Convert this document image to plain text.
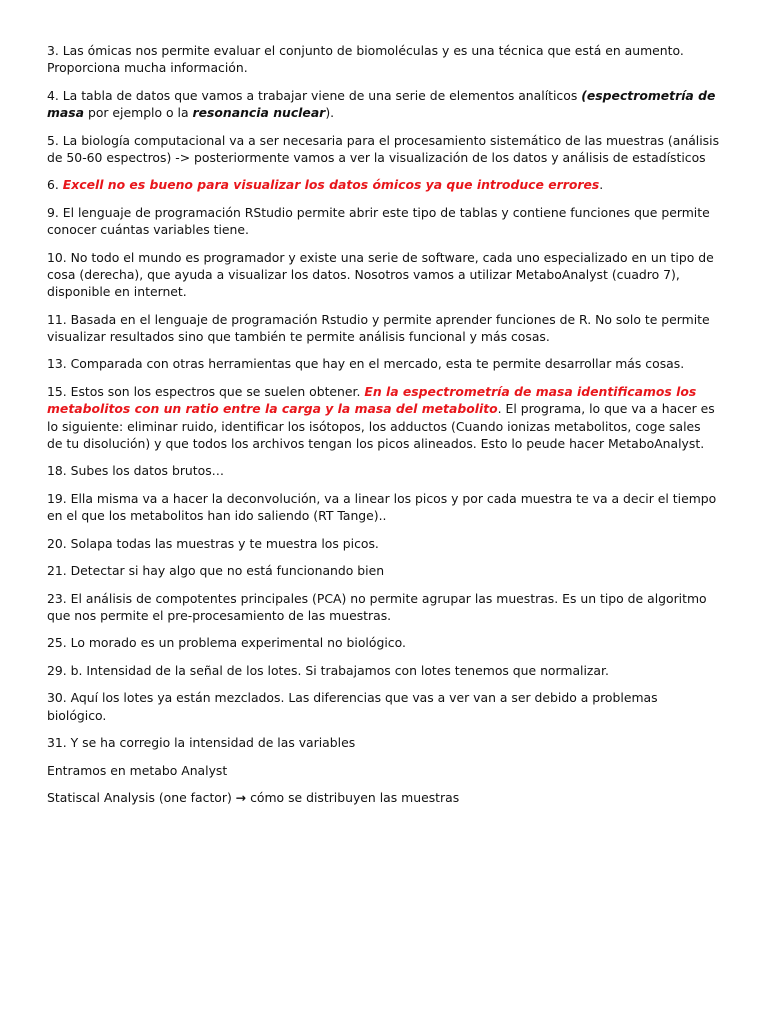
3. Las ómicas nos permite evaluar el conjunto de biomoléculas y es una técnica que está en aumento. Proporciona mucha información.

4. La tabla de datos que vamos a trabajar viene de una serie de elementos analíticos (espectrometría de masa por ejemplo o la resonancia nuclear).

5. La biología computacional va a ser necesaria para el procesamiento sistemático de las muestras (análisis de 50-60 espectros) -> posteriormente vamos a ver la visualización de los datos y análisis de estadísticos

6. Excell no es bueno para visualizar los datos ómicos ya que introduce errores.

9. El lenguaje de programación RStudio permite abrir este tipo de tablas y contiene funciones que permite conocer cuántas variables tiene.

10. No todo el mundo es programador y existe una serie de software, cada uno especializado en un tipo de cosa (derecha), que ayuda a visualizar los datos. Nosotros vamos a utilizar MetaboAnalyst (cuadro 7), disponible en internet.

11. Basada en el lenguaje de programación Rstudio y permite aprender funciones de R. No solo te permite visualizar resultados sino que también te permite análisis funcional y más cosas.

13. Comparada con otras herramientas que hay en el mercado, esta te permite desarrollar más cosas.

15. Estos son los espectros que se suelen obtener. En la espectrometría de masa identificamos los metabolitos con un ratio entre la carga y la masa del metabolito. El programa, lo que va a hacer es lo siguiente: eliminar ruido, identificar los isótopos, los adductos (Cuando ionizas metabolitos, coge sales de tu disolución) y que todos los archivos tengan los picos alineados. Esto lo peude hacer MetaboAnalyst.

18. Subes los datos brutos…

19. Ella misma va a hacer la deconvolución, va a linear los picos y por cada muestra te va a decir el tiempo en el que los metabolitos han ido saliendo (RT Tange)..

20. Solapa todas las muestras y te muestra los picos.

21. Detectar si hay algo que no está funcionando bien

23. El análisis de compotentes principales (PCA) no permite agrupar las muestras. Es un tipo de algoritmo que nos permite el pre-procesamiento de las muestras.

25. Lo morado es un problema experimental no biológico.

29. b. Intensidad de la señal de los lotes. Si trabajamos con lotes tenemos que normalizar.

30. Aquí los lotes ya están mezclados. Las diferencias que vas a ver van a ser debido a problemas biológico.

31. Y se ha corregio la intensidad de las variables

Entramos en metabo Analyst

Statiscal Analysis (one factor) → cómo se distribuyen las muestras
